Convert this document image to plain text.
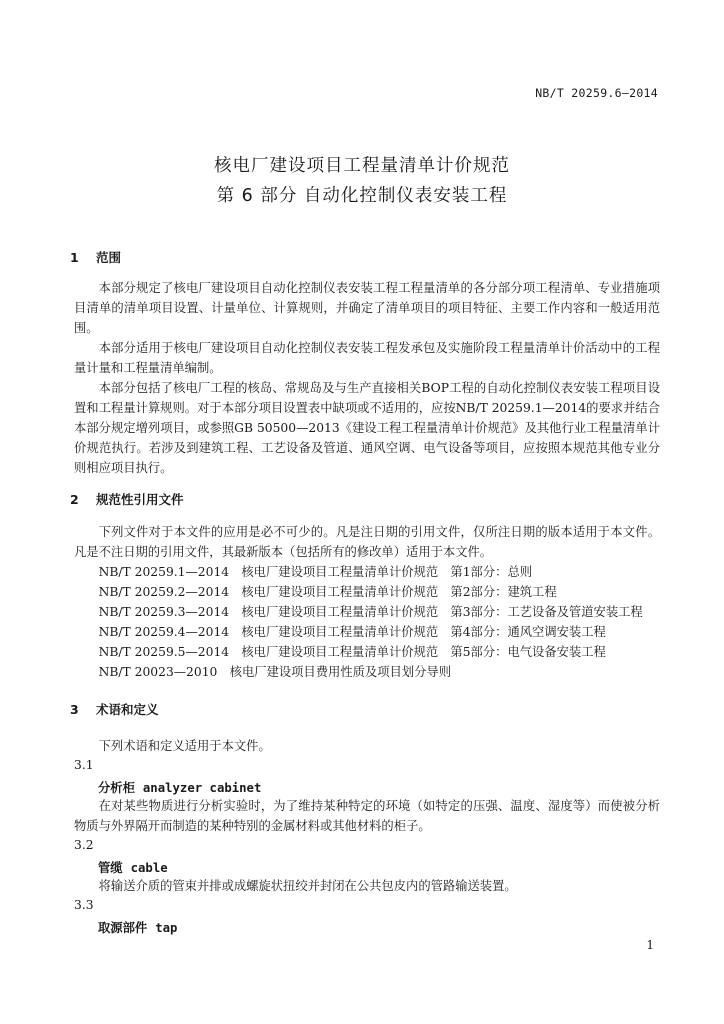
NB/T 20259.6—2014
核电厂建设项目工程量清单计价规范
第 6 部分 自动化控制仪表安装工程
1 范围

本部分规定了核电厂建设项目自动化控制仪表安装工程工程量清单的各分部分项工程清单、专业措施项目清单的清单项目设置、计量单位、计算规则，并确定了清单项目的项目特征、主要工作内容和一般适用范围。

本部分适用于核电厂建设项目自动化控制仪表安装工程发承包及实施阶段工程量清单计价活动中的工程量计量和工程量清单编制。

本部分包括了核电厂工程的核岛、常规岛及与生产直接相关BOP工程的自动化控制仪表安装工程项目设置和工程量计算规则。对于本部分项目设置表中缺项或不适用的，应按NB/T 20259.1—2014的要求并结合本部分规定增列项目，或参照GB 50500—2013《建设工程工程量清单计价规范》及其他行业工程量清单计价规范执行。若涉及到建筑工程、工艺设备及管道、通风空调、电气设备等项目，应按照本规范其他专业分则相应项目执行。

2 规范性引用文件

下列文件对于本文件的应用是必不可少的。凡是注日期的引用文件，仅所注日期的版本适用于本文件。凡是不注日期的引用文件，其最新版本（包括所有的修改单）适用于本文件。

NB/T 20259.1—2014　核电厂建设项目工程量清单计价规范　第1部分：总则

NB/T 20259.2—2014　核电厂建设项目工程量清单计价规范　第2部分：建筑工程

NB/T 20259.3—2014　核电厂建设项目工程量清单计价规范　第3部分：工艺设备及管道安装工程

NB/T 20259.4—2014　核电厂建设项目工程量清单计价规范　第4部分：通风空调安装工程

NB/T 20259.5—2014　核电厂建设项目工程量清单计价规范　第5部分：电气设备安装工程

NB/T 20023—2010　核电厂建设项目费用性质及项目划分导则

3 术语和定义

下列术语和定义适用于本文件。

3.1
分析柜 analyzer cabinet

在对某些物质进行分析实验时，为了维持某种特定的环境（如特定的压强、温度、湿度等）而使被分析物质与外界隔开而制造的某种特别的金属材料或其他材料的柜子。

3.2
管缆 cable

将输送介质的管束并排或成螺旋状扭绞并封闭在公共包皮内的管路输送装置。

3.3
取源部件 tap
1
